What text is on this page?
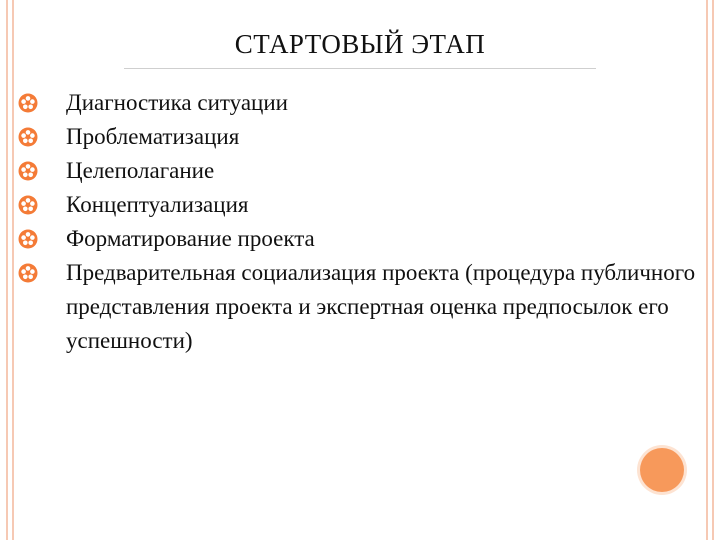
СТАРТОВЫЙ ЭТАП
Диагностика ситуации
Проблематизация
Целеполагание
Концептуализация
Форматирование проекта
Предварительная социализация проекта (процедура публичного представления проекта и экспертная оценка предпосылок его успешности)
